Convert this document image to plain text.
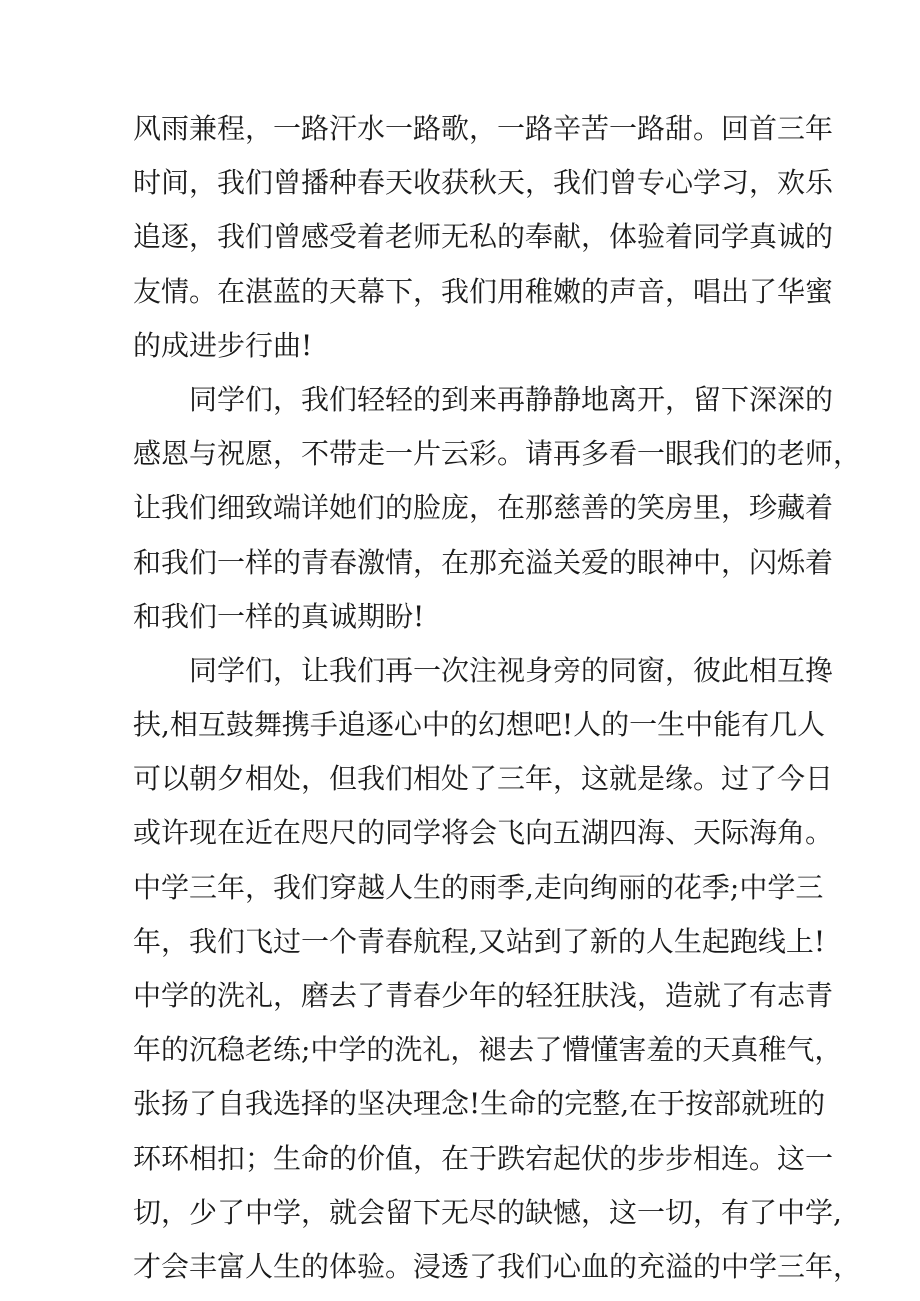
风雨兼程，一路汗水一路歌，一路辛苦一路甜。回首三年
时间，我们曾播种春天收获秋天，我们曾专心学习，欢乐
追逐，我们曾感受着老师无私的奉献，体验着同学真诚的
友情。在湛蓝的天幕下，我们用稚嫩的声音，唱出了华蜜
的成进步行曲!
同学们，我们轻轻的到来再静静地离开，留下深深的
感恩与祝愿，不带走一片云彩。请再多看一眼我们的老师，
让我们细致端详她们的脸庞，在那慈善的笑房里，珍藏着
和我们一样的青春激情，在那充溢关爱的眼神中，闪烁着
和我们一样的真诚期盼!
同学们，让我们再一次注视身旁的同窗，彼此相互搀
扶,相互鼓舞携手追逐心中的幻想吧!人的一生中能有几人
可以朝夕相处，但我们相处了三年，这就是缘。过了今日
或许现在近在咫尺的同学将会飞向五湖四海、天际海角。
中学三年，我们穿越人生的雨季,走向绚丽的花季;中学三
年，我们飞过一个青春航程,又站到了新的人生起跑线上!
中学的洗礼，磨去了青春少年的轻狂肤浅，造就了有志青
年的沉稳老练;中学的洗礼，褪去了懵懂害羞的天真稚气，
张扬了自我选择的坚决理念!生命的完整,在于按部就班的
环环相扣；生命的价值，在于跌宕起伏的步步相连。这一
切，少了中学，就会留下无尽的缺憾，这一切，有了中学,
才会丰富人生的体验。浸透了我们心血的充溢的中学三年，
